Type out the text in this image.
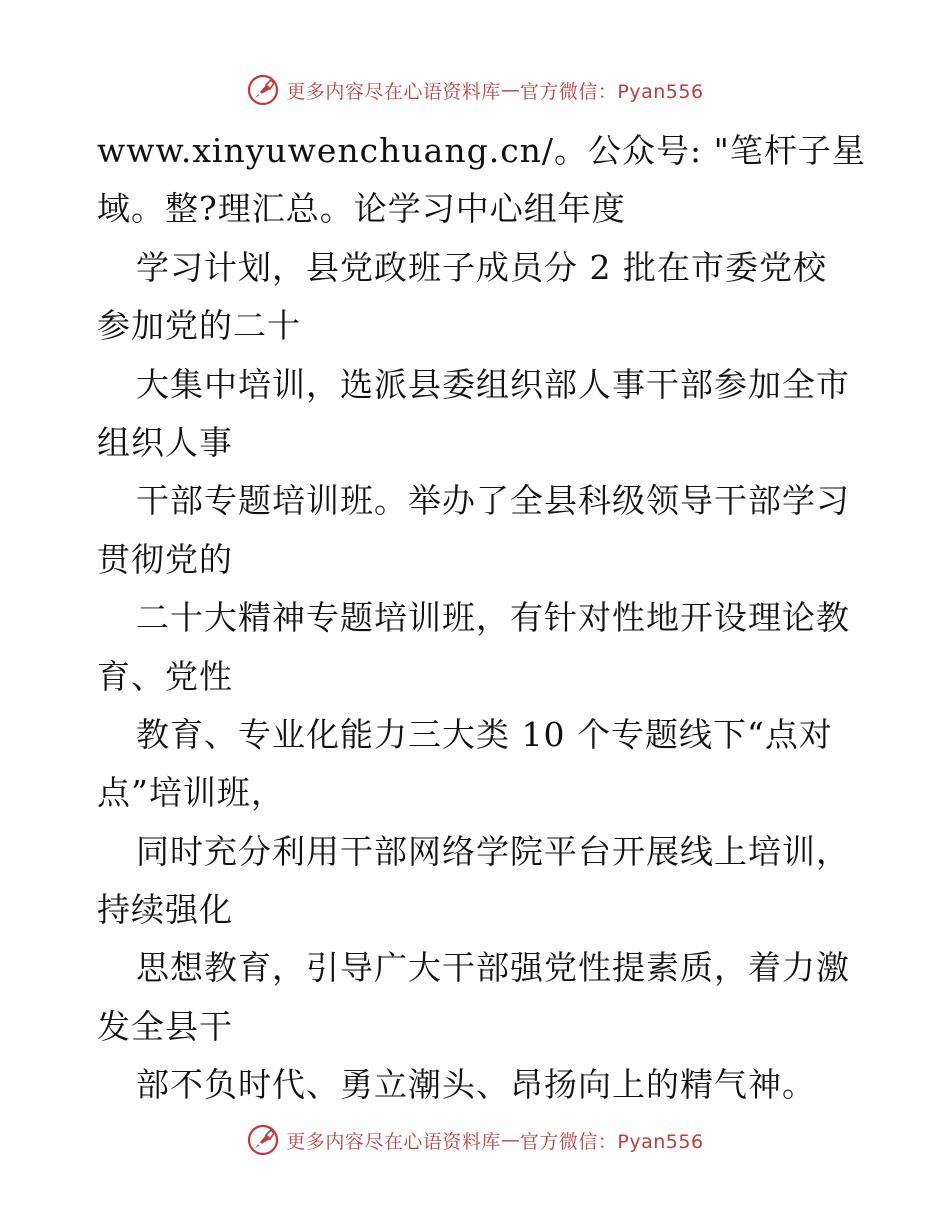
更多内容尽在心语资料库 — 官方微信：Pyan556
www.xinyuwenchuang.cn/。公众号: "笔杆子星
域。整?理汇总。论学习中心组年度
学习计划，县党政班子成员分 2 批在市委党校
参加党的二十
大集中培训，选派县委组织部人事干部参加全市
组织人事
干部专题培训班。举办了全县科级领导干部学习
贯彻党的
二十大精神专题培训班，有针对性地开设理论教
育、党性
教育、专业化能力三大类 10 个专题线下“点对
点”培训班，
同时充分利用干部网络学院平台开展线上培训，
持续强化
思想教育，引导广大干部强党性提素质，着力激
发全县干
部不负时代、勇立潮头、昂扬向上的精气神。
更多内容尽在心语资料库 — 官方微信：Pyan556
